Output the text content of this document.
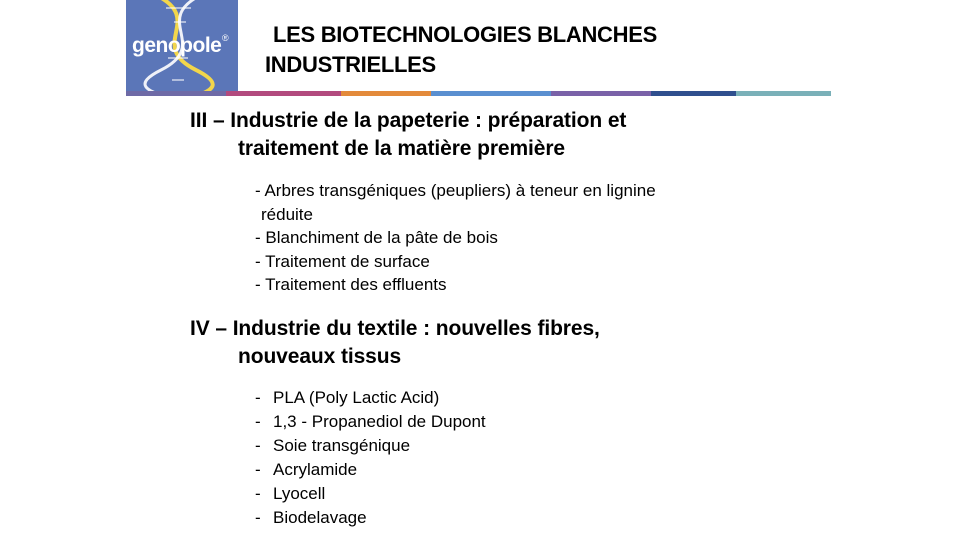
genopole ®	LES BIOTECHNOLOGIES BLANCHES
INDUSTRIELLES
III – Industrie de la papeterie : préparation et
traitement de la matière première
- Arbres transgéniques (peupliers) à teneur en lignine
réduite
- Blanchiment de la pâte de bois
- Traitement de surface
- Traitement des effluents
IV – Industrie du textile : nouvelles fibres,
nouveaux tissus
- PLA (Poly Lactic Acid)
- 1,3 - Propanediol de Dupont
- Soie transgénique
- Acrylamide
- Lyocell
- Biodelavage
